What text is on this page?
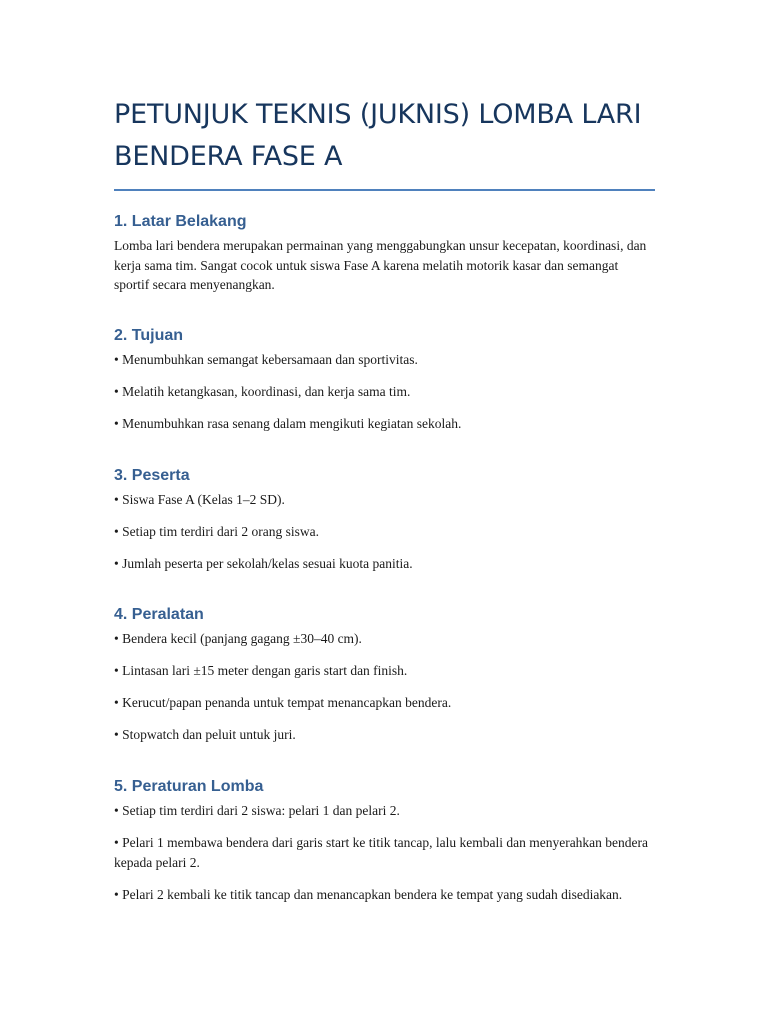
PETUNJUK TEKNIS (JUKNIS) LOMBA LARI BENDERA FASE A
1. Latar Belakang

Lomba lari bendera merupakan permainan yang menggabungkan unsur kecepatan, koordinasi, dan kerja sama tim. Sangat cocok untuk siswa Fase A karena melatih motorik kasar dan semangat sportif secara menyenangkan.

2. Tujuan
• Menumbuhkan semangat kebersamaan dan sportivitas.
• Melatih ketangkasan, koordinasi, dan kerja sama tim.
• Menumbuhkan rasa senang dalam mengikuti kegiatan sekolah.
3. Peserta
• Siswa Fase A (Kelas 1–2 SD).
• Setiap tim terdiri dari 2 orang siswa.
• Jumlah peserta per sekolah/kelas sesuai kuota panitia.
4. Peralatan
• Bendera kecil (panjang gagang ±30–40 cm).
• Lintasan lari ±15 meter dengan garis start dan finish.
• Kerucut/papan penanda untuk tempat menancapkan bendera.
• Stopwatch dan peluit untuk juri.
5. Peraturan Lomba
• Setiap tim terdiri dari 2 siswa: pelari 1 dan pelari 2.
• Pelari 1 membawa bendera dari garis start ke titik tancap, lalu kembali dan menyerahkan bendera kepada pelari 2.
• Pelari 2 kembali ke titik tancap dan menancapkan bendera ke tempat yang sudah disediakan.
